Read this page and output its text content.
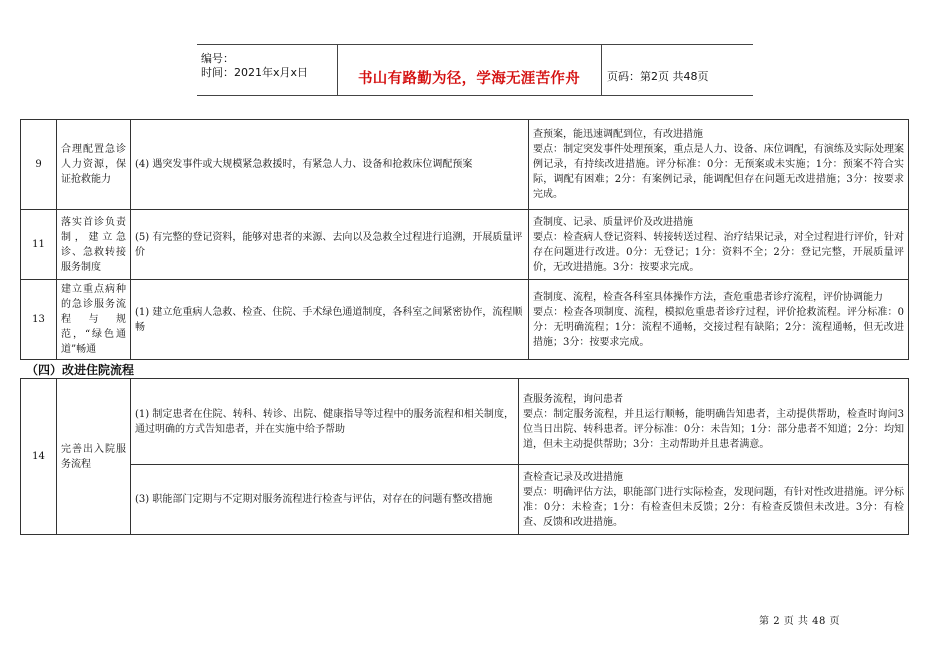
编号：
时间：2021年x月x日	书山有路勤为径，学海无涯苦作舟	页码：第2页 共48页
9	合理配置急诊人力资源，保证抢救能力	(4) 遇突发事件或大规模紧急救援时，有紧急人力、设备和抢救床位调配预案	查预案，能迅速调配到位，有改进措施
要点：制定突发事件处理预案，重点是人力、设备、床位调配，有演练及实际处理案例记录，有持续改进措施。评分标准：0分：无预案或未实施；1分：预案不符合实际，调配有困难；2分：有案例记录，能调配但存在问题无改进措施；3分：按要求完成。

11	落实首诊负责制，建立急诊、急救转接服务制度	(5) 有完整的登记资料，能够对患者的来源、去向以及急救全过程进行追溯，开展质量评价	查制度、记录、质量评价及改进措施
要点：检查病人登记资料、转接转送过程、治疗结果记录，对全过程进行评价，针对存在问题进行改进。0分：无登记；1分：资料不全；2分：登记完整，开展质量评价，无改进措施。3分：按要求完成。

13	建立重点病种的急诊服务流程与规范，“绿色通道”畅通	(1) 建立危重病人急救、检查、住院、手术绿色通道制度，各科室之间紧密协作，流程顺畅	查制度、流程，检查各科室具体操作方法，查危重患者诊疗流程，评价协调能力
要点：检查各项制度、流程，模拟危重患者诊疗过程，评价抢救流程。评分标准：0分：无明确流程；1分：流程不通畅，交接过程有缺陷；2分：流程通畅，但无改进措施；3分：按要求完成。
（四）改进住院流程
14	完善出入院服务流程	(1) 制定患者在住院、转科、转诊、出院、健康指导等过程中的服务流程和相关制度，通过明确的方式告知患者，并在实施中给予帮助	查服务流程，询问患者
要点：制定服务流程，并且运行顺畅，能明确告知患者，主动提供帮助，检查时询问3位当日出院、转科患者。评分标准：0分：未告知；1分：部分患者不知道；2分：均知道，但未主动提供帮助；3分：主动帮助并且患者满意。

		(3) 职能部门定期与不定期对服务流程进行检查与评估，对存在的问题有整改措施	查检查记录及改进措施
要点：明确评估方法，职能部门进行实际检查，发现问题，有针对性改进措施。评分标准：0分：未检查；1分：有检查但未反馈；2分：有检查反馈但未改进。3分：有检查、反馈和改进措施。
第 2 页 共 48 页
